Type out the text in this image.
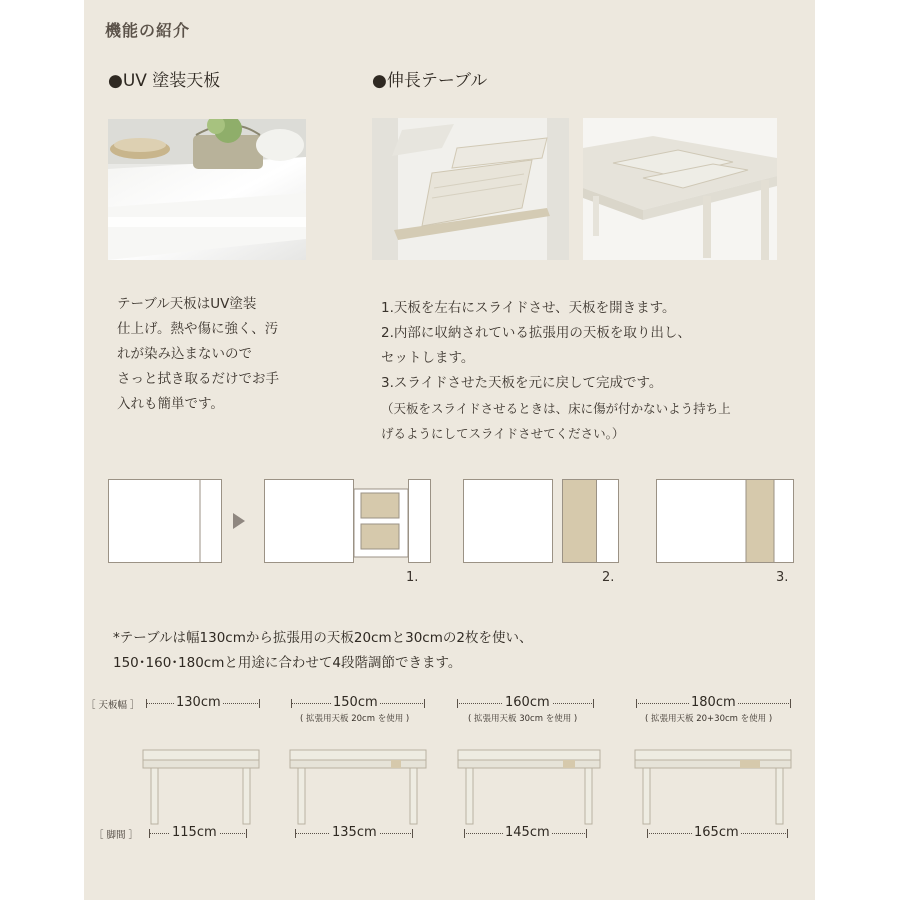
機能の紹介
●UV 塗装天板
テーブル天板はUV塗装
仕上げ。熱や傷に強く、汚
れが染み込まないので
さっと拭き取るだけでお手
入れも簡単です。
●伸長テーブル
1.天板を左右にスライドさせ、天板を開きます。
2.内部に収納されている拡張用の天板を取り出し、
セットします。
3.スライドさせた天板を元に戻して完成です。
（天板をスライドさせるときは、床に傷が付かないよう持ち上
げるようにしてスライドさせてください。）
1.	2.	3.
*テーブルは幅130cmから拡張用の天板20cmと30cmの2枚を使い、
150･160･180cmと用途に合わせて4段階調節できます。
［ 天板幅 ］
［ 脚間 ］
130cm
115cm
150cm
( 拡張用天板 20cm を使用 )
135cm
160cm
( 拡張用天板 30cm を使用 )
145cm
180cm
( 拡張用天板 20+30cm を使用 )
165cm
